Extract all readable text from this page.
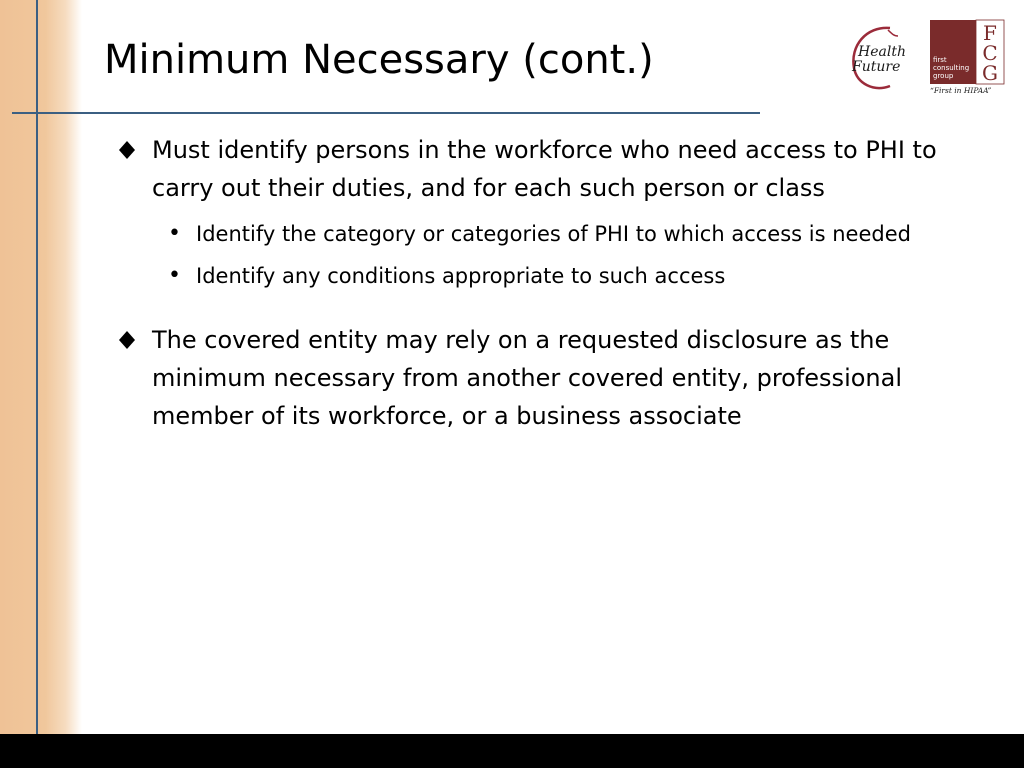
Minimum Necessary (cont.)	Health
Future
F
C
G
first
consulting
group
“First in HIPAA”
Must identify persons in the workforce who need access to PHI to carry out their duties, and for each such person or class
• Identify the category or categories of PHI to which access is needed
• Identify any conditions appropriate to such access
The covered entity may rely on a requested disclosure as the minimum necessary from another covered entity, professional member of its workforce, or a business associate
